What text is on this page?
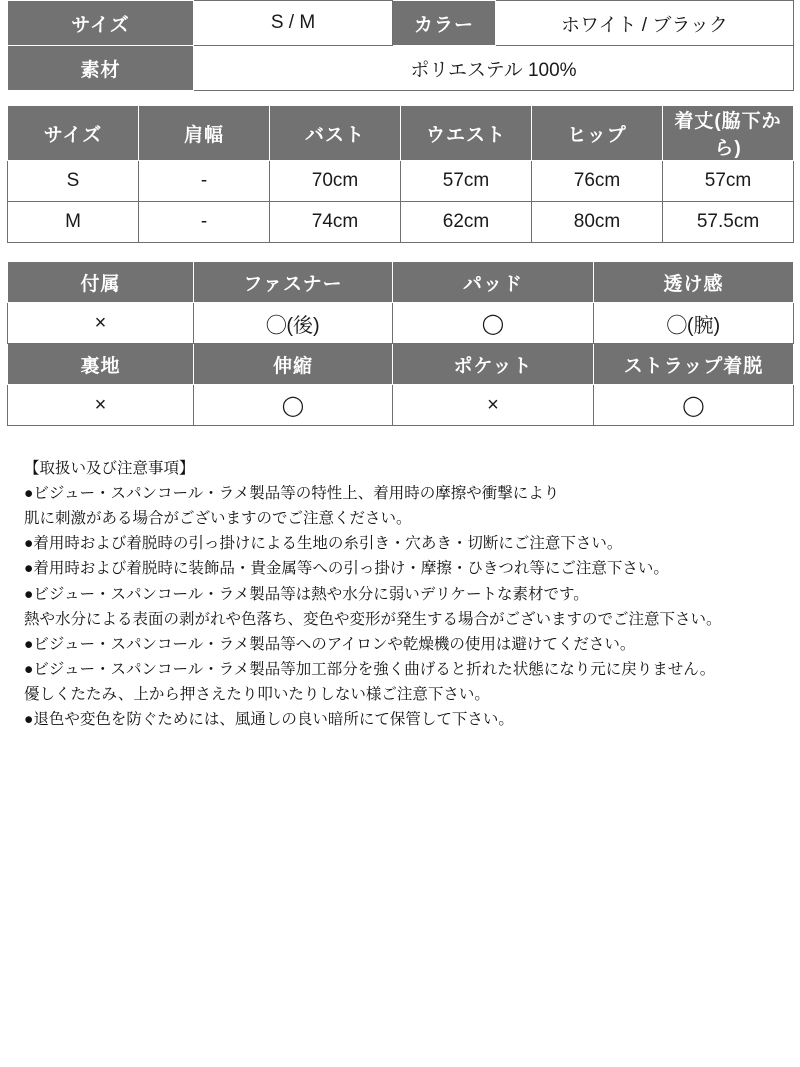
サイズ	S / M	カラー	ホワイト / ブラック
素材	ポリエステル 100%		
サイズ	肩幅	バスト	ウエスト	ヒップ	着丈(脇下から)
S	-	70cm	57cm	76cm	57cm
M	-	74cm	62cm	80cm	57.5cm
付属	ファスナー	パッド	透け感
×	◯(後)	◯	◯(腕)
裏地	伸縮	ポケット	ストラップ着脱
×	◯	×	◯
【取扱い及び注意事項】
●ビジュー・スパンコール・ラメ製品等の特性上、着用時の摩擦や衝撃により
肌に刺激がある場合がございますのでご注意ください。
●着用時および着脱時の引っ掛けによる生地の糸引き・穴あき・切断にご注意下さい。
●着用時および着脱時に装飾品・貴金属等への引っ掛け・摩擦・ひきつれ等にご注意下さい。
●ビジュー・スパンコール・ラメ製品等は熱や水分に弱いデリケートな素材です。
熱や水分による表面の剥がれや色落ち、変色や変形が発生する場合がございますのでご注意下さい。
●ビジュー・スパンコール・ラメ製品等へのアイロンや乾燥機の使用は避けてください。
●ビジュー・スパンコール・ラメ製品等加工部分を強く曲げると折れた状態になり元に戻りません。
優しくたたみ、上から押さえたり叩いたりしない様ご注意下さい。
●退色や変色を防ぐためには、風通しの良い暗所にて保管して下さい。
